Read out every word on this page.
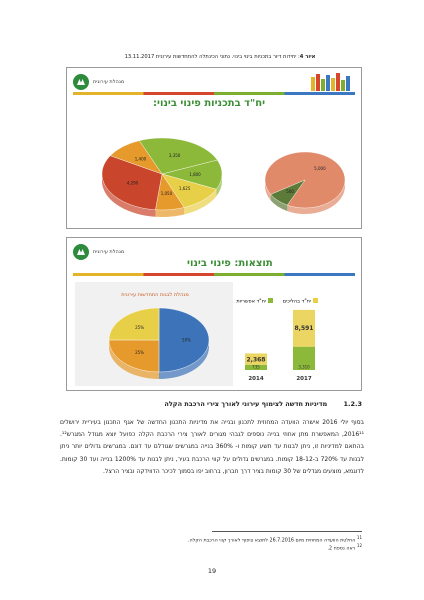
איור 4: יחידות דיור בתכניות בינוי בינוי. נתוני הכינתלה להתחדשות עירונית 13.11.2017
מנהלת עירונית
יח"ד בתכניות פינוי בינוי:
1,800
1,625
1,050
4,290
1,400
3,350
5,000
500
מנהלת עירונית
תוצאות: פינוי בינוי
מנהלת לבנות התחדשות עירונית
50%
25%
25%
2,368
735
2014
8,591
3,310
2017
יח"ד בהליכים
יח"ד אפשריות
1.2.3 מדיניות חדשה לצימוף עירוני לאורך צירי הרכבת הקלה
בסוף יולי 2016 אישרה הוועדה המחוזית לתכנון ובנייה את מדיניות התכנון החדשה של אגף התכנון בעיריית ירושלים 2016¹¹, המאפשרת מתן אחוזי בנייה נוספים לגבהי מגורים לאורך צירי הרכבת הקלה כפועל יוצא מגודל המגרש¹². בהתאם למדיניות זו, ניתן לבנות עד תשע קומות ו- 360% בנייה במגרשים שגודלם עד דונם. במגרשים גדולים יותר ניתן לבנות עד 720% ב-18-12 קומות. במגרשים גדולים על קווי הרכבת בעיר, ניתן לבנות עד 1200% בנייה ועד 30 קומות. לדוגמא, מוצעים מגדלים של 30 קומות בציר דרך חברון, ברחוב יפו בסמוך לכיכר הדווידקה ובציר הרצל.
$^{11}$ החלטת הוועדה המחוזית מיום 26.7.2016 לתוצא ציפוף לאורך קווי הרכבת הקלה.
$^{12}$ ראה נספח 2.
19
